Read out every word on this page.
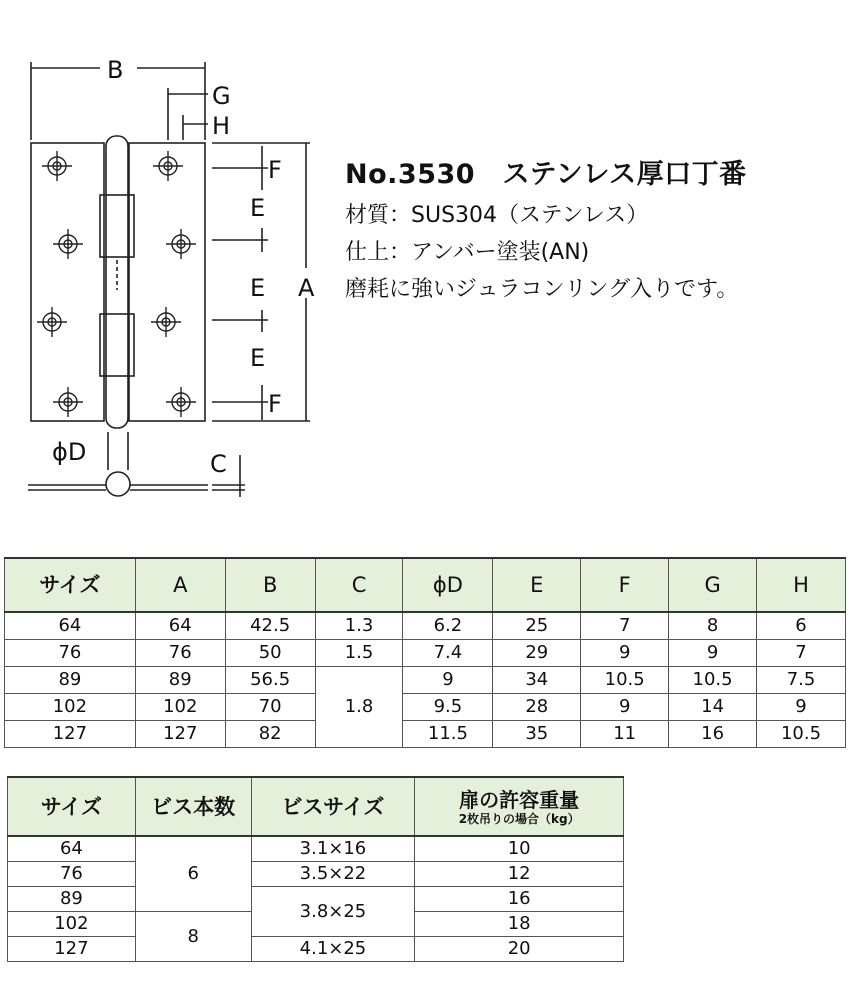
B
G
H
F
E
E A
E
F
ϕD	C
No.3530　ステンレス厚口丁番
材質：SUS304（ステンレス）
仕上：アンバー塗装(AN)
磨耗に強いジュラコンリング入りです。
サイズ	A	B	C	ϕD	E	F	G	H
64	64	42.5	1.3	6.2	25	7	8	6
76	76	50	1.5	7.4	29	9	9	7
89	89	56.5	1.8	9	34	10.5	10.5	7.5
102	102	70		9.5	28	9	14	9
127	127	82		11.5	35	11	16	10.5
サイズ	ビス本数	ビスサイズ	扉の許容重量
2枚吊りの場合（kg）

64	6	3.1×16	10
76		3.5×22	12
89		3.8×25	16
102	8		18
127		4.1×25	20
